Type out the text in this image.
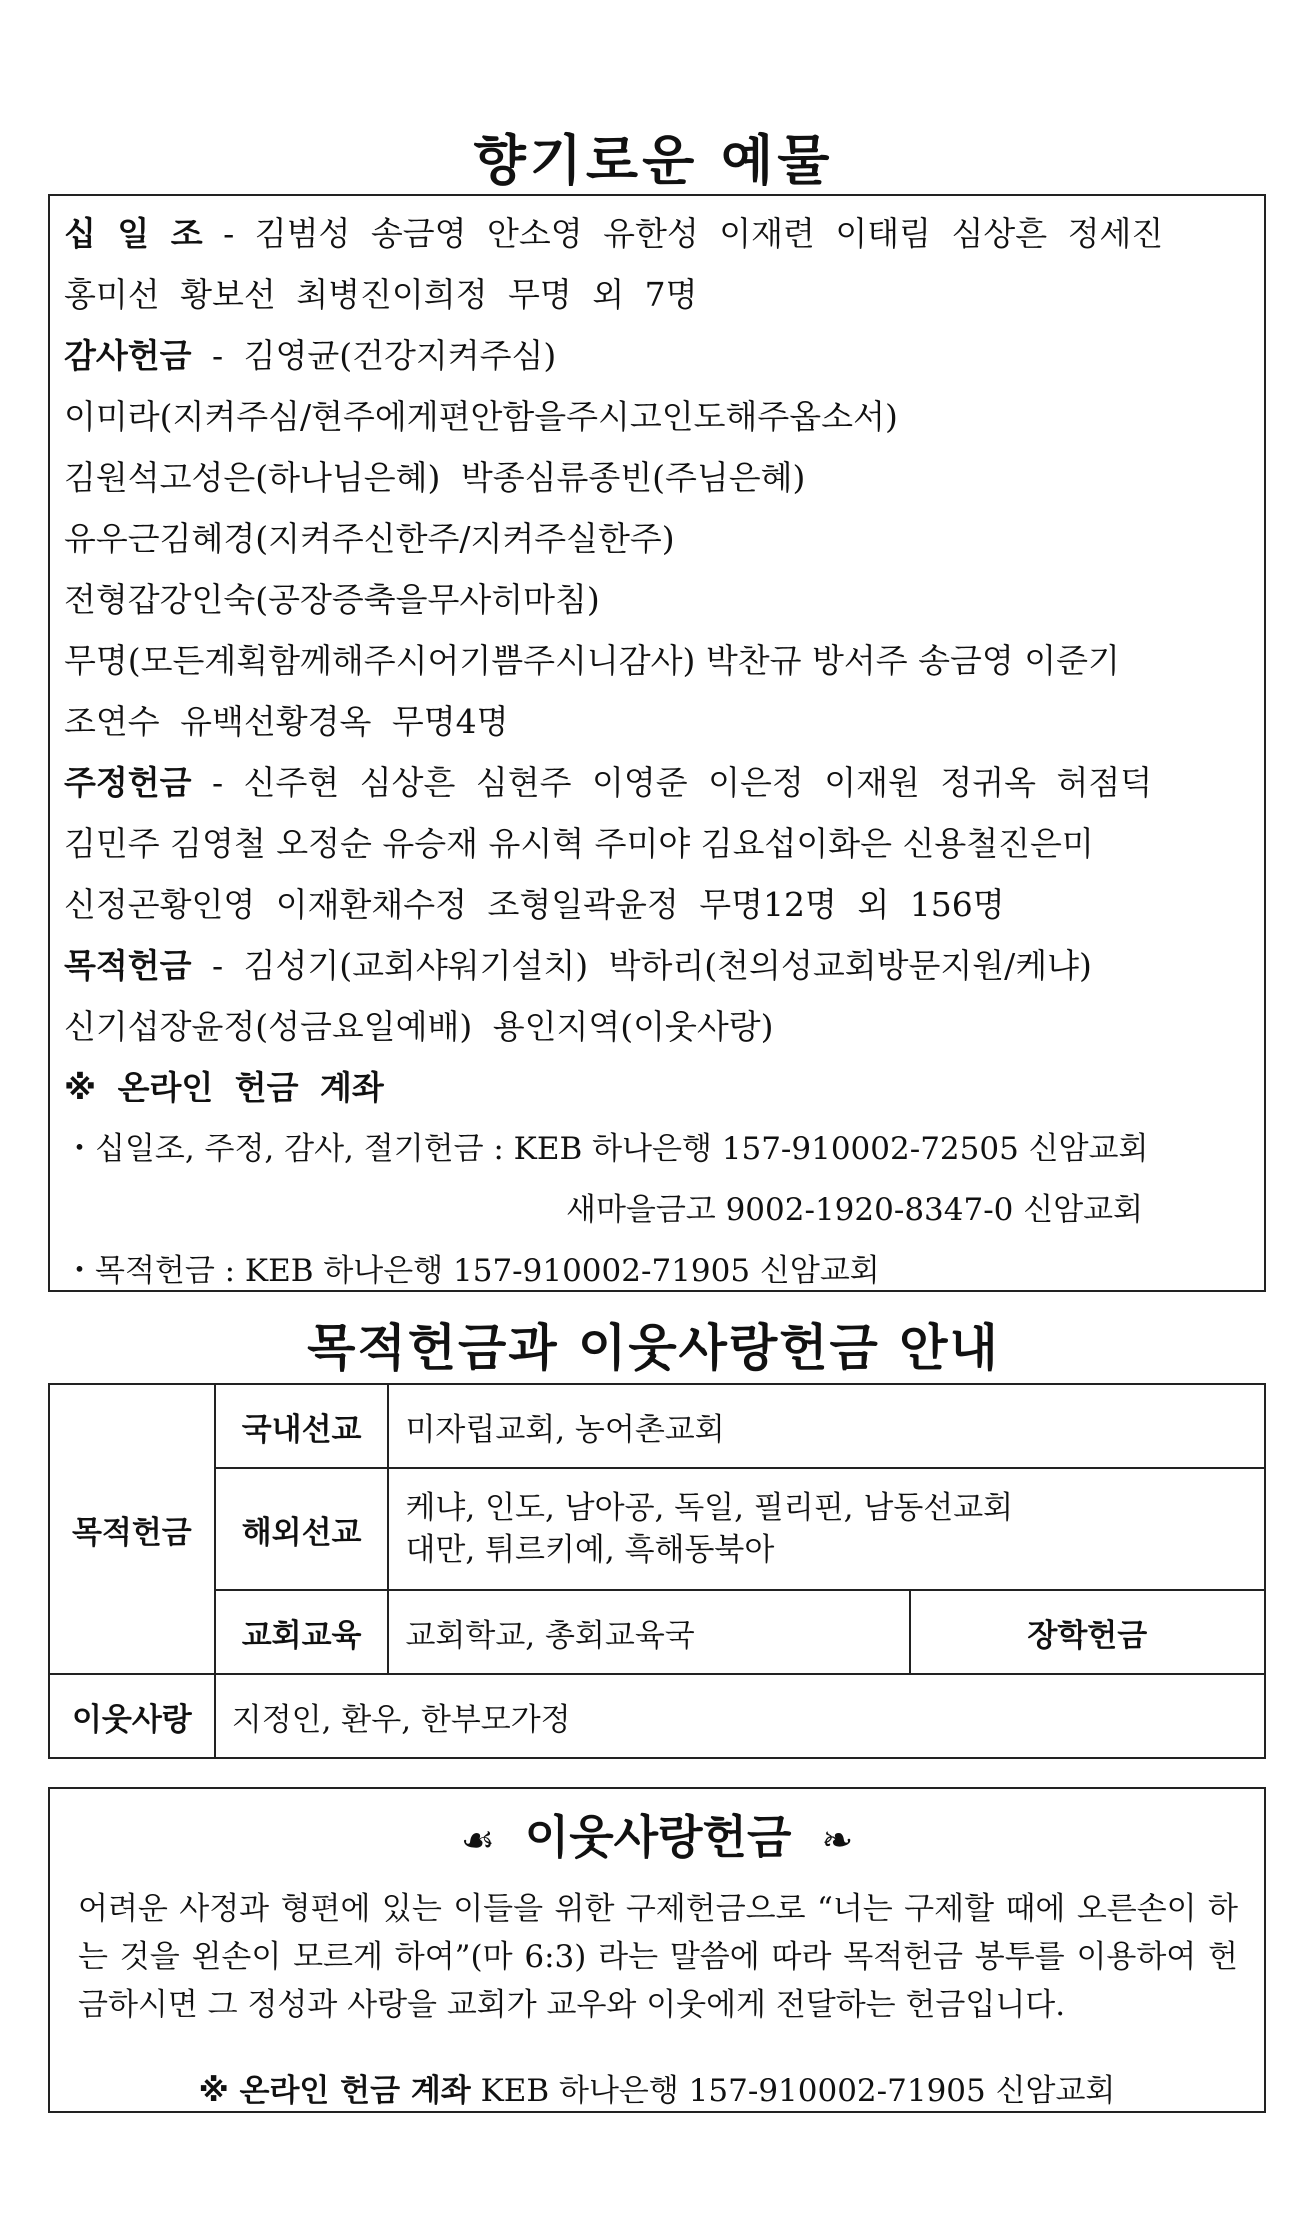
향기로운 예물
십 일 조 - 김범성 송금영 안소영 유한성 이재련 이태림 심상흔 정세진
홍미선 황보선 최병진이희정 무명 외 7명
감사헌금 - 김영균(건강지켜주심)
이미라(지켜주심/현주에게편안함을주시고인도해주옵소서)
김원석고성은(하나님은혜) 박종심류종빈(주님은혜)
유우근김혜경(지켜주신한주/지켜주실한주)
전형갑강인숙(공장증축을무사히마침)
무명(모든계획함께해주시어기쁨주시니감사) 박찬규 방서주 송금영 이준기
조연수 유백선황경옥 무명4명
주정헌금 - 신주현 심상흔 심현주 이영준 이은정 이재원 정귀옥 허점덕
김민주 김영철 오정순 유승재 유시혁 주미야 김요섭이화은 신용철진은미
신정곤황인영 이재환채수정 조형일곽윤정 무명12명 외 156명
목적헌금 - 김성기(교회샤워기설치) 박하리(천의성교회방문지원/케냐)
신기섭장윤정(성금요일예배) 용인지역(이웃사랑)
※ 온라인 헌금 계좌
・십일조, 주정, 감사, 절기헌금 : KEB 하나은행 157-910002-72505 신암교회
새마을금고 9002-1920-8347-0 신암교회
・목적헌금 : KEB 하나은행 157-910002-71905 신암교회
목적헌금과 이웃사랑헌금 안내
목적헌금	국내선교	미자립교회, 농어촌교회	
	해외선교	케냐, 인도, 남아공, 독일, 필리핀, 남동선교회
대만, 튀르키예, 흑해동북아	

	교회교육	교회학교, 총회교육국	장학헌금
이웃사랑	지정인, 환우, 한부모가정		
☙ 이웃사랑헌금 ❧
어려운 사정과 형편에 있는 이들을 위한 구제헌금으로 “너는 구제할 때에 오른손이 하는 것을 왼손이 모르게 하여”(마 6:3) 라는 말씀에 따라 목적헌금 봉투를 이용하여 헌금하시면 그 정성과 사랑을 교회가 교우와 이웃에게 전달하는 헌금입니다.
※ 온라인 헌금 계좌 KEB 하나은행 157-910002-71905 신암교회
